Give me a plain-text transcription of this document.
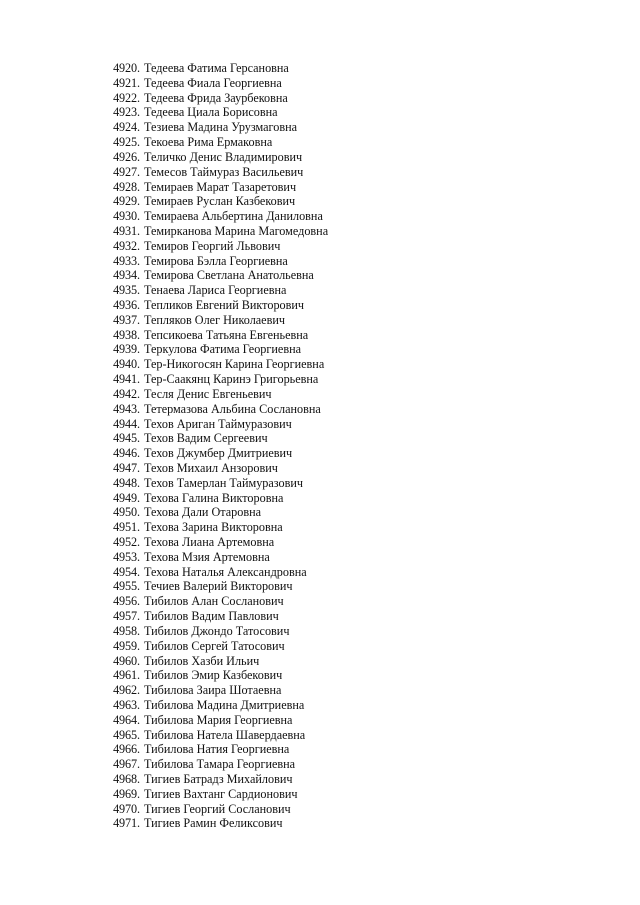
4920. Тедеева Фатима Герсановна
4921. Тедеева Фиала Георгиевна
4922. Тедеева Фрида Заурбековна
4923. Тедеева Циала Борисовна
4924. Тезиева Мадина Урузмаговна
4925. Текоева Рима Ермаковна
4926. Теличко Денис Владимирович
4927. Темесов Таймураз Васильевич
4928. Темираев Марат Тазаретович
4929. Темираев Руслан Казбекович
4930. Темираева Альбертина Даниловна
4931. Темирканова Марина Магомедовна
4932. Темиров Георгий Львович
4933. Темирова Бэлла Георгиевна
4934. Темирова Светлана Анатольевна
4935. Тенаева Лариса Георгиевна
4936. Тепликов Евгений Викторович
4937. Тепляков Олег Николаевич
4938. Тепсикоева Татьяна Евгеньевна
4939. Теркулова Фатима Георгиевна
4940. Тер-Никогосян Карина Георгиевна
4941. Тер-Саакянц Каринэ Григорьевна
4942. Тесля Денис Евгеньевич
4943. Тетермазова Альбина Сослановна
4944. Техов Ариган Таймуразович
4945. Техов Вадим Сергеевич
4946. Техов Джумбер Дмитриевич
4947. Техов Михаил Анзорович
4948. Техов Тамерлан Таймуразович
4949. Техова Галина Викторовна
4950. Техова Дали Отаровна
4951. Техова Зарина Викторовна
4952. Техова Лиана Артемовна
4953. Техова Мзия Артемовна
4954. Техова Наталья Александровна
4955. Течиев Валерий Викторович
4956. Тибилов Алан Сосланович
4957. Тибилов Вадим Павлович
4958. Тибилов Джондо Татосович
4959. Тибилов Сергей Татосович
4960. Тибилов Хазби Ильич
4961. Тибилов Эмир Казбекович
4962. Тибилова Заира Шотаевна
4963. Тибилова Мадина Дмитриевна
4964. Тибилова Мария Георгиевна
4965. Тибилова Натела Шавердаевна
4966. Тибилова Натия Георгиевна
4967. Тибилова Тамара Георгиевна
4968. Тигиев Батрадз Михайлович
4969. Тигиев Вахтанг Сардионович
4970. Тигиев Георгий Сосланович
4971. Тигиев Рамин Феликсович
